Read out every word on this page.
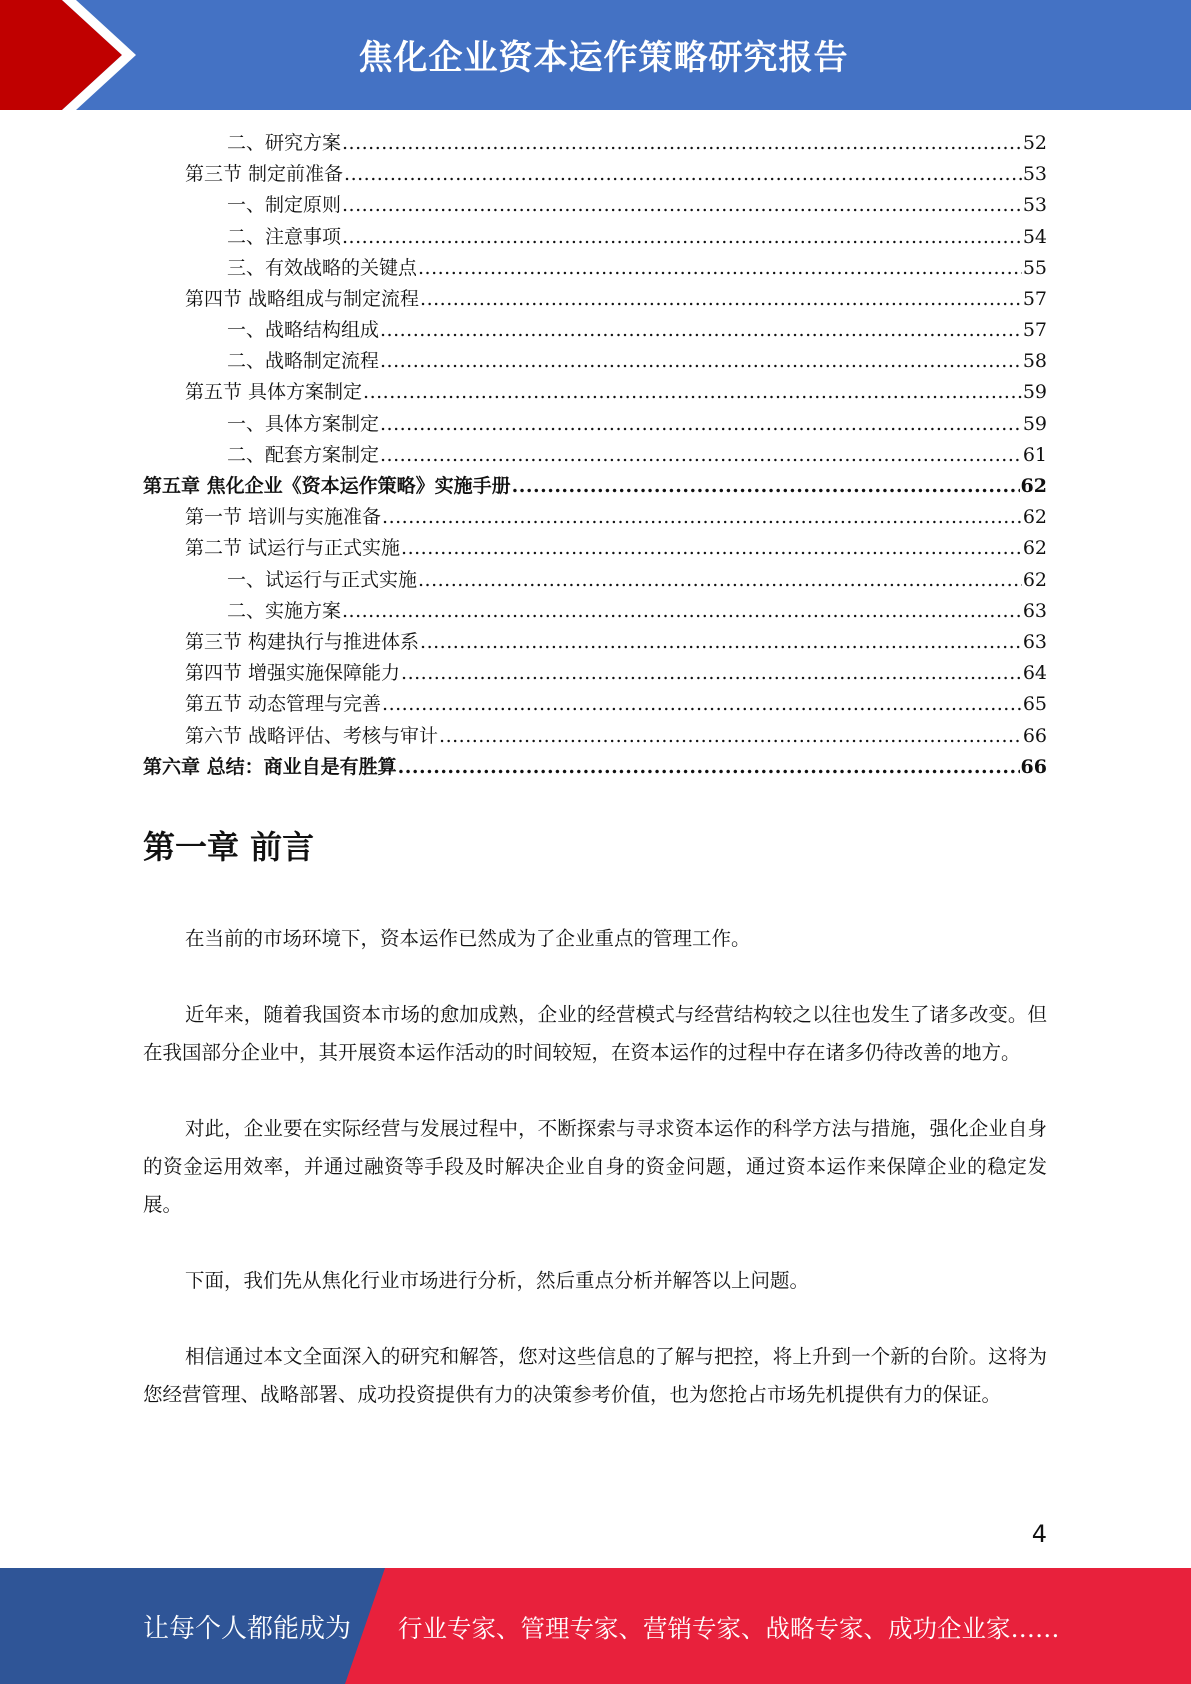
焦化企业资本运作策略研究报告
二、研究方案 .....	52
第三节 制定前准备 .....	53
一、制定原则 .....	53
二、注意事项 .....	54
三、有效战略的关键点 .....	55
第四节 战略组成与制定流程 .....	57
一、战略结构组成 .....	57
二、战略制定流程 .....	58
第五节 具体方案制定 .....	59
一、具体方案制定 .....	59
二、配套方案制定 .....	61
第五章 焦化企业《资本运作策略》实施手册 .....	62
第一节 培训与实施准备 .....	62
第二节 试运行与正式实施 .....	62
一、试运行与正式实施 .....	62
二、实施方案 .....	63
第三节 构建执行与推进体系 .....	63
第四节 增强实施保障能力 .....	64
第五节 动态管理与完善 .....	65
第六节 战略评估、考核与审计 .....	66
第六章 总结：商业自是有胜算 .....	66
第一章 前言

在当前的市场环境下，资本运作已然成为了企业重点的管理工作。

近年来，随着我国资本市场的愈加成熟，企业的经营模式与经营结构较之以往也发生了诸多改变。但在我国部分企业中，其开展资本运作活动的时间较短，在资本运作的过程中存在诸多仍待改善的地方。

对此，企业要在实际经营与发展过程中，不断探索与寻求资本运作的科学方法与措施，强化企业自身的资金运用效率，并通过融资等手段及时解决企业自身的资金问题，通过资本运作来保障企业的稳定发展。

下面，我们先从焦化行业市场进行分析，然后重点分析并解答以上问题。

相信通过本文全面深入的研究和解答，您对这些信息的了解与把控，将上升到一个新的台阶。这将为您经营管理、战略部署、成功投资提供有力的决策参考价值，也为您抢占市场先机提供有力的保证。

4
让每个人都能成为 行业专家、管理专家、营销专家、战略专家、成功企业家……
